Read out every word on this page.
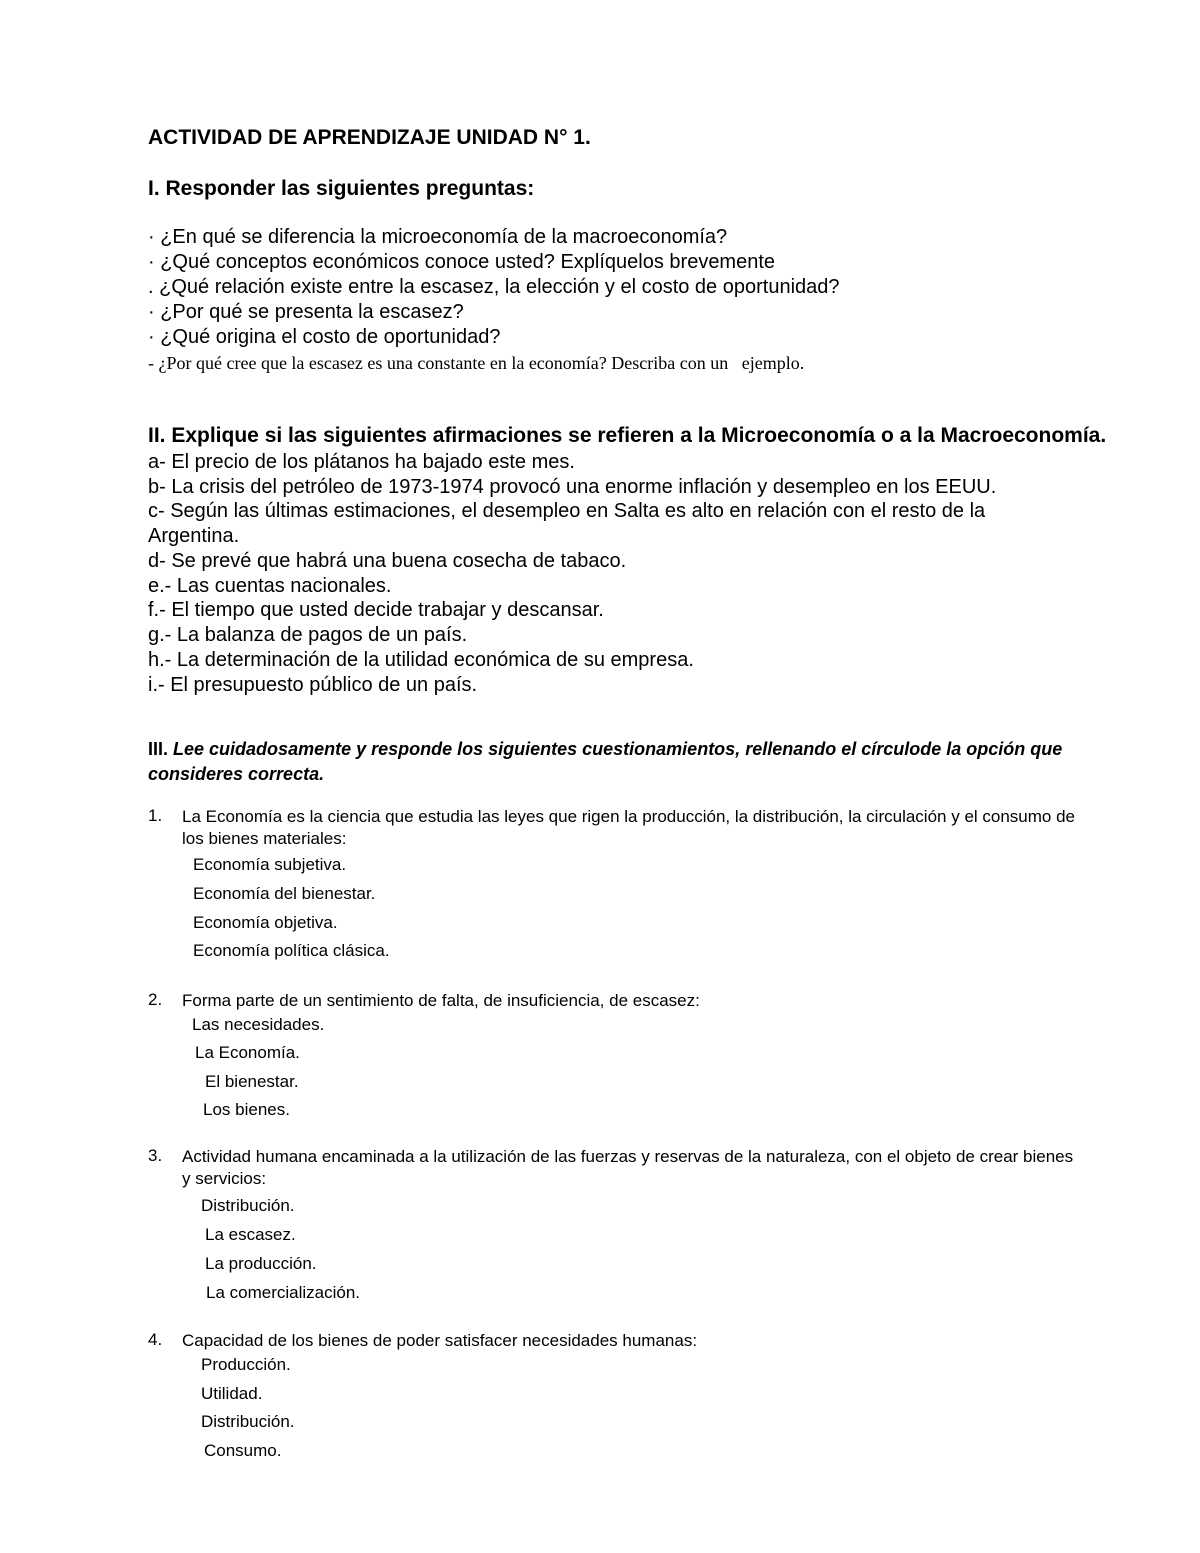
ACTIVIDAD DE APRENDIZAJE UNIDAD N° 1.
I. Responder las siguientes preguntas:
· ¿En qué se diferencia la microeconomía de la macroeconomía?
· ¿Qué conceptos económicos conoce usted? Explíquelos brevemente
. ¿Qué relación existe entre la escasez, la elección y el costo de oportunidad?
· ¿Por qué se presenta la escasez?
· ¿Qué origina el costo de oportunidad?
- ¿Por qué cree que la escasez es una constante en la economía? Describa con un   ejemplo.
II. Explique si las siguientes afirmaciones se refieren a la Microeconomía o a la Macroeconomía.
a- El precio de los plátanos ha bajado este mes.
b- La crisis del petróleo de 1973-1974 provocó una enorme inflación y desempleo en los EEUU.
c- Según las últimas estimaciones, el desempleo en Salta es alto en relación con el resto de la
Argentina.
d- Se prevé que habrá una buena cosecha de tabaco.
e.- Las cuentas nacionales.
f.- El tiempo que usted decide trabajar y descansar.
g.- La balanza de pagos de un país.
h.- La determinación de la utilidad económica de su empresa.
i.- El presupuesto público de un país.
III. Lee cuidadosamente y responde los siguientes cuestionamientos, rellenando el círculode la opción que consideres correcta.
1. La Economía es la ciencia que estudia las leyes que rigen la producción, la distribución, la circulación y el consumo de los bienes materiales:
Economía subjetiva.
Economía del bienestar.
Economía objetiva.
Economía política clásica.
2. Forma parte de un sentimiento de falta, de insuficiencia, de escasez:
Las necesidades.
La Economía.
El bienestar.
Los bienes.
3. Actividad humana encaminada a la utilización de las fuerzas y reservas de la naturaleza, con el objeto de crear bienes y servicios:
Distribución.
La escasez.
La producción.
La comercialización.
4. Capacidad de los bienes de poder satisfacer necesidades humanas:
Producción.
Utilidad.
Distribución.
Consumo.
